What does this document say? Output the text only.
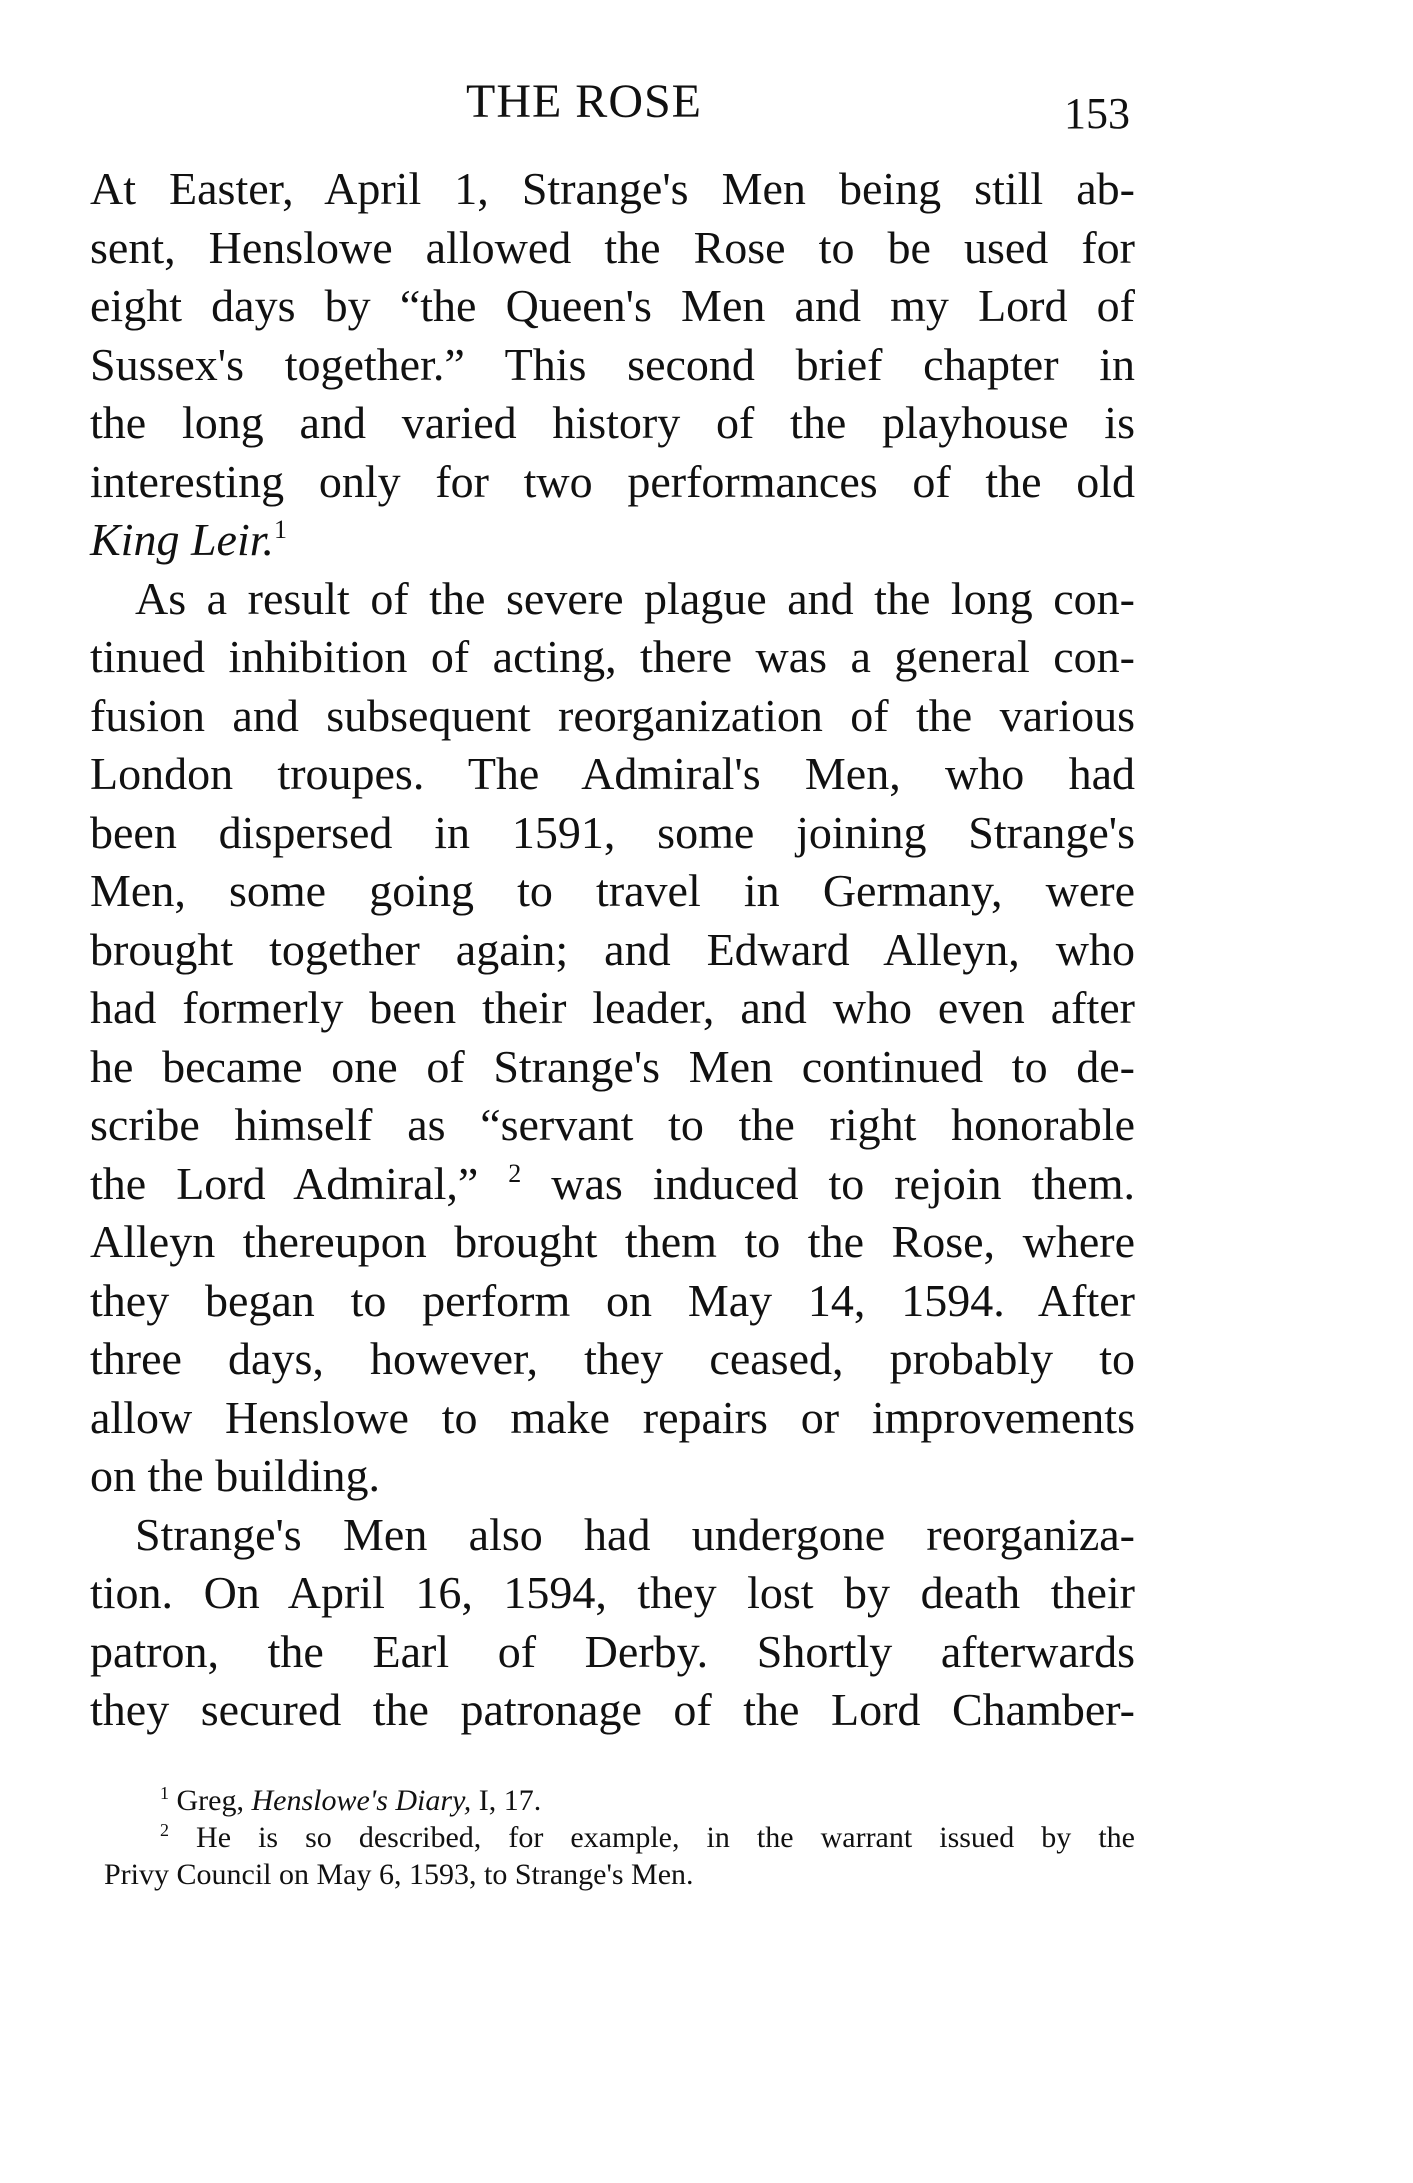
THE ROSE	153
At Easter, April 1, Strange's Men being still ab-
sent, Henslowe allowed the Rose to be used for
eight days by “the Queen's Men and my Lord of
Sussex's together.” This second brief chapter in
the long and varied history of the playhouse is
interesting only for two performances of the old
King Leir.$^1$
As a result of the severe plague and the long con-
tinued inhibition of acting, there was a general con-
fusion and subsequent reorganization of the various
London troupes. The Admiral's Men, who had
been dispersed in 1591, some joining Strange's
Men, some going to travel in Germany, were
brought together again; and Edward Alleyn, who
had formerly been their leader, and who even after
he became one of Strange's Men continued to de-
scribe himself as “servant to the right honorable
the Lord Admiral,” $^2$ was induced to rejoin them.
Alleyn thereupon brought them to the Rose, where
they began to perform on May 14, 1594. After
three days, however, they ceased, probably to
allow Henslowe to make repairs or improvements
on the building.
Strange's Men also had undergone reorganiza-
tion. On April 16, 1594, they lost by death their
patron, the Earl of Derby. Shortly afterwards
they secured the patronage of the Lord Chamber-
$^1$ Greg, Henslowe's Diary, I, 17.
$^2$ He is so described, for example, in the warrant issued by the
Privy Council on May 6, 1593, to Strange's Men.
